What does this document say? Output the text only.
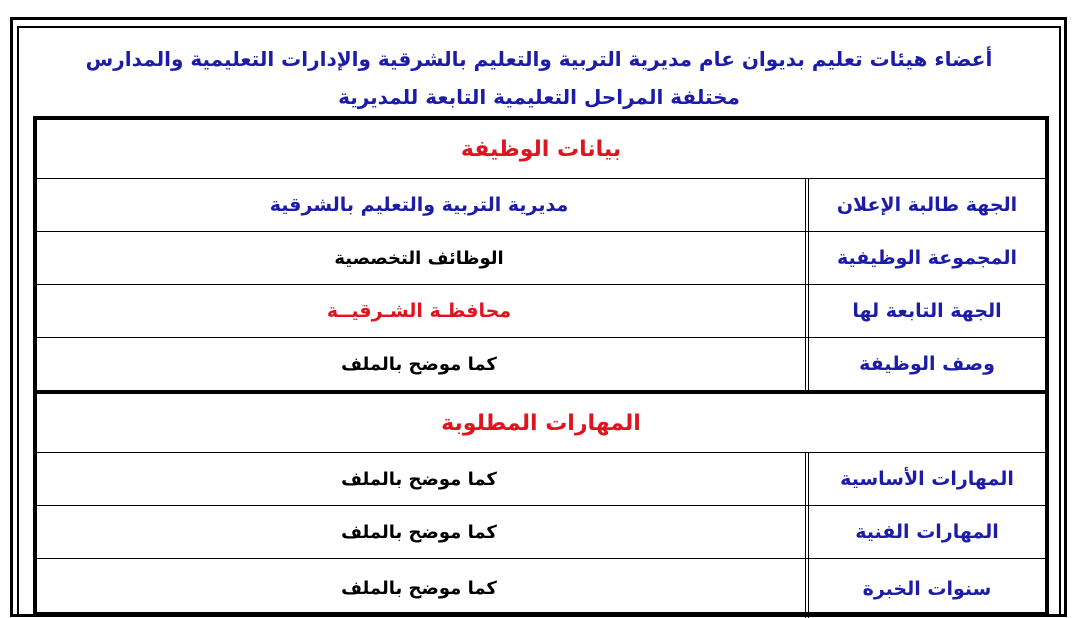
أعضاء هيئات تعليم بديوان عام مديرية التربية والتعليم بالشرقية والإدارات التعليمية والمدارس
مختلفة المراحل التعليمية التابعة للمديرية
بيانات الوظيفة
الجهة طالبة الإعلان
مديرية التربية والتعليم بالشرقية
المجموعة الوظيفية
الوظائف التخصصية
الجهة التابعة لها
محافظـة الشـرقيــة
وصف الوظيفة
كما موضح بالملف
المهارات المطلوبة
المهارات الأساسية
كما موضح بالملف
المهارات الفنية
كما موضح بالملف
سنوات الخبرة
كما موضح بالملف
